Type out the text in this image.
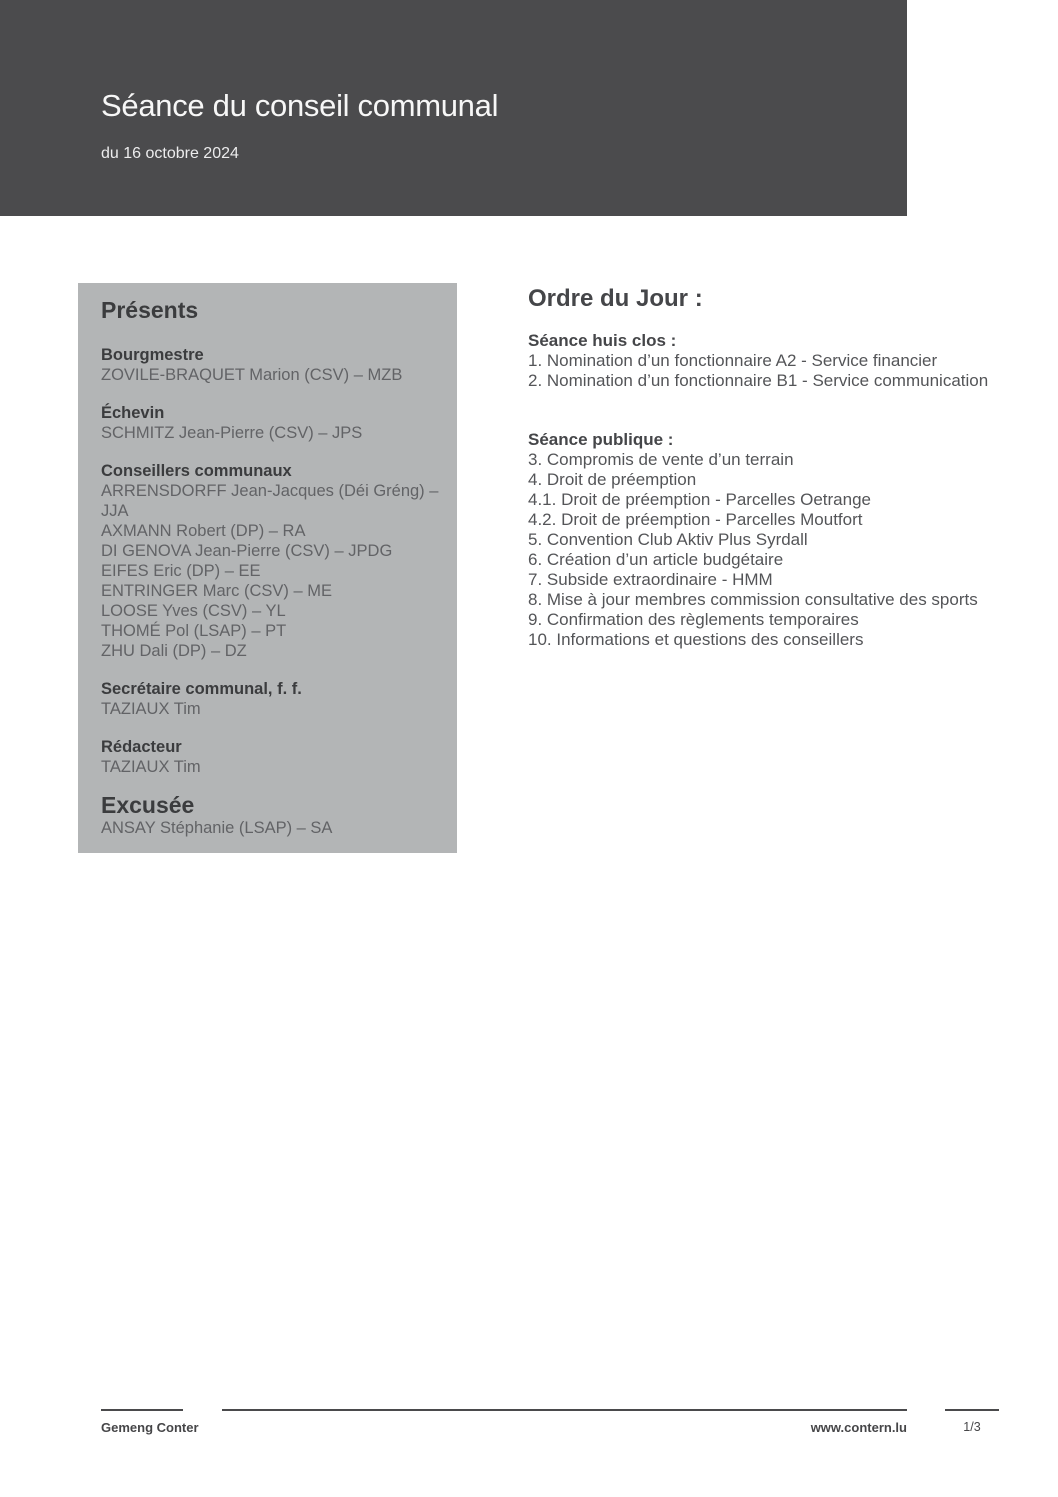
Séance du conseil communal
du 16 octobre 2024
Présents
Bourgmestre
ZOVILE-BRAQUET Marion (CSV) – MZB
Échevin
SCHMITZ Jean-Pierre (CSV) – JPS
Conseillers communaux
ARRENSDORFF Jean-Jacques (Déi Gréng) – JJA
AXMANN Robert (DP) – RA
DI GENOVA Jean-Pierre (CSV) – JPDG
EIFES Eric (DP) – EE
ENTRINGER Marc (CSV) – ME
LOOSE Yves (CSV) – YL
THOMÉ Pol (LSAP) – PT
ZHU Dali (DP) – DZ
Secrétaire communal, f. f.
TAZIAUX Tim
Rédacteur
TAZIAUX Tim
Excusée
ANSAY Stéphanie (LSAP) – SA
Ordre du Jour :
Séance huis clos :
1. Nomination d’un fonctionnaire A2 - Service financier
2. Nomination d’un fonctionnaire B1 - Service communication
Séance publique :
3. Compromis de vente d’un terrain
4. Droit de préemption
4.1. Droit de préemption - Parcelles Oetrange
4.2. Droit de préemption - Parcelles Moutfort
5. Convention Club Aktiv Plus Syrdall
6. Création d’un article budgétaire
7. Subside extraordinaire - HMM
8. Mise à jour membres commission consultative des sports
9. Confirmation des règlements temporaires
10. Informations et questions des conseillers
Gemeng Conter	www.contern.lu	1/3
